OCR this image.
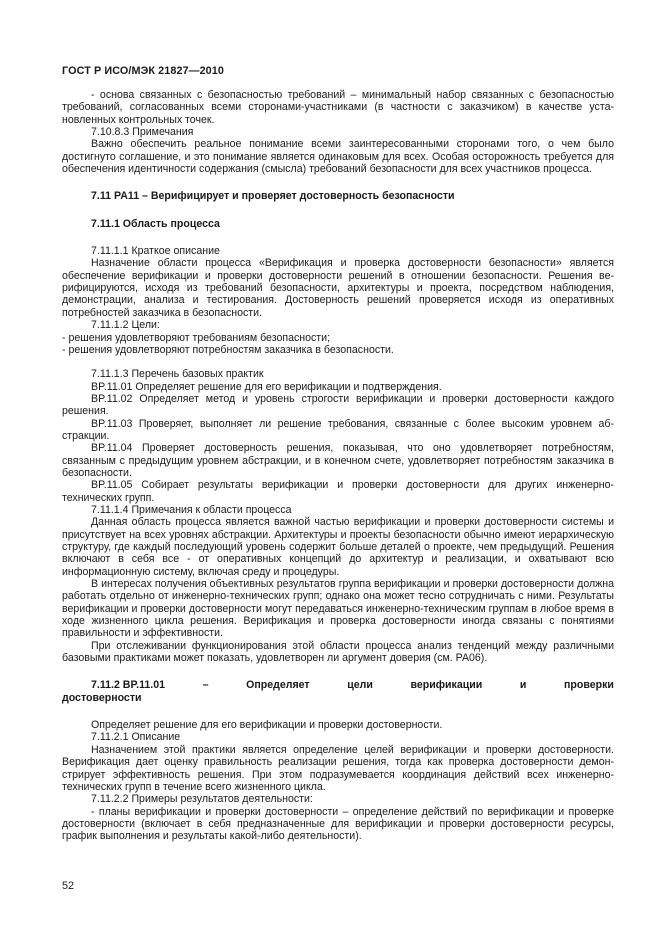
ГОСТ Р ИСО/МЭК 21827—2010

- основа связанных с безопасностью требований – минимальный набор связанных с безопасностью требований, согласованных всеми сторонами-участниками (в частности с заказчиком) в качестве установленных контрольных точек.

7.10.8.3 Примечания

Важно обеспечить реальное понимание всеми заинтересованными сторонами того, о чем было достигнуто соглашение, и это понимание является одинаковым для всех. Особая осторожность требуется для обеспечения идентичности содержания (смысла) требований безопасности для всех участников процесса.

7.11 PA11 – Верифицирует и проверяет достоверность безопасности

7.11.1 Область процесса

7.11.1.1 Краткое описание

Назначение области процесса «Верификация и проверка достоверности безопасности» является обеспечение верификации и проверки достоверности решений в отношении безопасности. Решения верифицируются, исходя из требований безопасности, архитектуры и проекта, посредством наблюдения, демонстрации, анализа и тестирования. Достоверность решений проверяется исходя из оперативных потребностей заказчика в безопасности.

7.11.1.2 Цели:

- решения удовлетворяют требованиям безопасности;

- решения удовлетворяют потребностям заказчика в безопасности.

7.11.1.3 Перечень базовых практик

BP.11.01 Определяет решение для его верификации и подтверждения.

BP.11.02 Определяет метод и уровень строгости верификации и проверки достоверности каждого решения.

BP.11.03 Проверяет, выполняет ли решение требования, связанные с более высоким уровнем абстракции.

BP.11.04 Проверяет достоверность решения, показывая, что оно удовлетворяет потребностям, связанным с предыдущим уровнем абстракции, и в конечном счете, удовлетворяет потребностям заказчика в безопасности.

BP.11.05 Собирает результаты верификации и проверки достоверности для других инженерно-технических групп.

7.11.1.4 Примечания к области процесса

Данная область процесса является важной частью верификации и проверки достоверности системы и присутствует на всех уровнях абстракции. Архитектуры и проекты безопасности обычно имеют иерархическую структуру, где каждый последующий уровень содержит больше деталей о проекте, чем предыдущий. Решения включают в себя все - от оперативных концепций до архитектур и реализации, и охватывают всю информационную систему, включая среду и процедуры.

В интересах получения объективных результатов группа верификации и проверки достоверности должна работать отдельно от инженерно-технических групп; однако она может тесно сотрудничать с ними. Результаты верификации и проверки достоверности могут передаваться инженерно-техническим группам в любое время в ходе жизненного цикла решения. Верификация и проверка достоверности иногда связаны с понятиями правильности и эффективности.

При отслеживании функционирования этой области процесса анализ тенденций между различными базовыми практиками может показать, удовлетворен ли аргумент доверия (см. PA06).

7.11.2 BP.11.01	–	Определяет	цели	верификации	и	проверки

достоверности

Определяет решение для его верификации и проверки достоверности.

7.11.2.1 Описание

Назначением этой практики является определение целей верификации и проверки достоверности. Верификация дает оценку правильность реализации решения, тогда как проверка достоверности демонстрирует эффективность решения. При этом подразумевается координация действий всех инженерно-технических групп в течение всего жизненного цикла.

7.11.2.2 Примеры результатов деятельности:

- планы верификации и проверки достоверности – определение действий по верификации и проверке достоверности (включает в себя предназначенные для верификации и проверки достоверности ресурсы, график выполнения и результаты какой-либо деятельности).

52
